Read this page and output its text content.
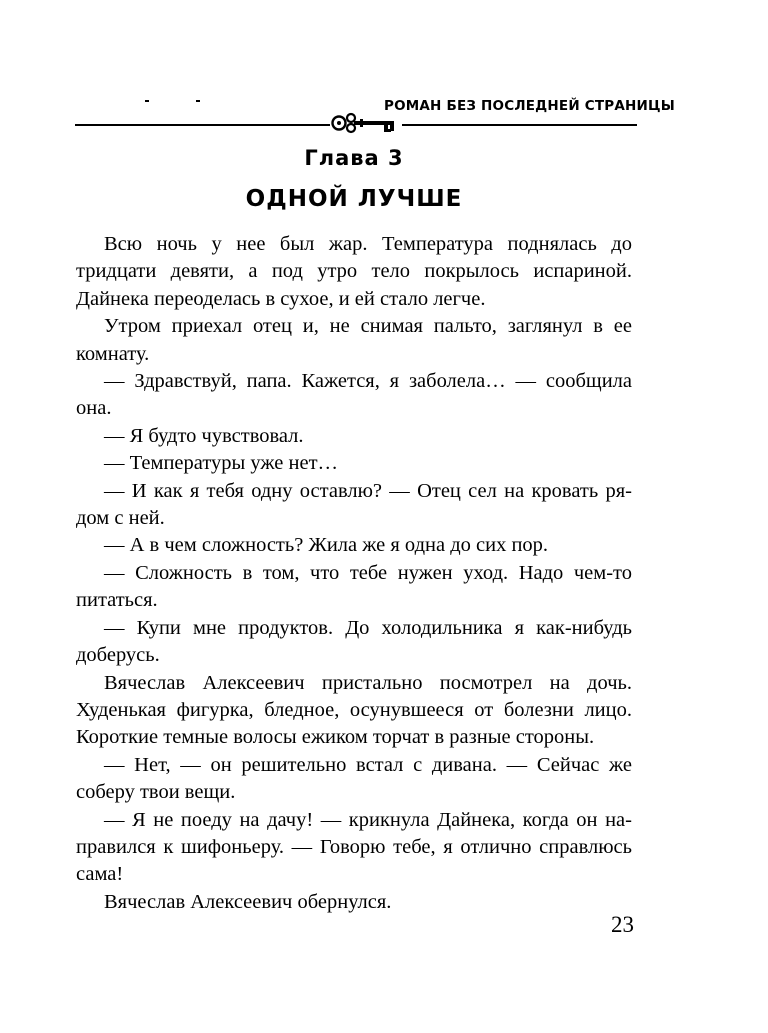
РОМАН БЕЗ ПОСЛЕДНЕЙ СТРАНИЦЫ
Глава 3
ОДНОЙ ЛУЧШЕ

Всю ночь у нее был жар. Температура поднялась до тридцати девяти, а под утро тело покрылось испариной. Дайнека переоделась в сухое, и ей стало легче.

Утром приехал отец и, не снимая пальто, заглянул в ее комнату.

— Здравствуй, папа. Кажется, я заболела… — сообщила она.

— Я будто чувствовал.

— Температуры уже нет…

— И как я тебя одну оставлю? — Отец сел на кровать рядом с ней.

— А в чем сложность? Жила же я одна до сих пор.

— Сложность в том, что тебе нужен уход. Надо чем-то питаться.

— Купи мне продуктов. До холодильника я как-нибудь доберусь.

Вячеслав Алексеевич пристально посмотрел на дочь. Худенькая фигурка, бледное, осунувшееся от болезни лицо. Короткие темные волосы ежиком торчат в разные стороны.

— Нет, — он решительно встал с дивана. — Сейчас же соберу твои вещи.

— Я не поеду на дачу! — крикнула Дайнека, когда он направился к шифоньеру. — Говорю тебе, я отлично справлюсь сама!

Вячеслав Алексеевич обернулся.

23
